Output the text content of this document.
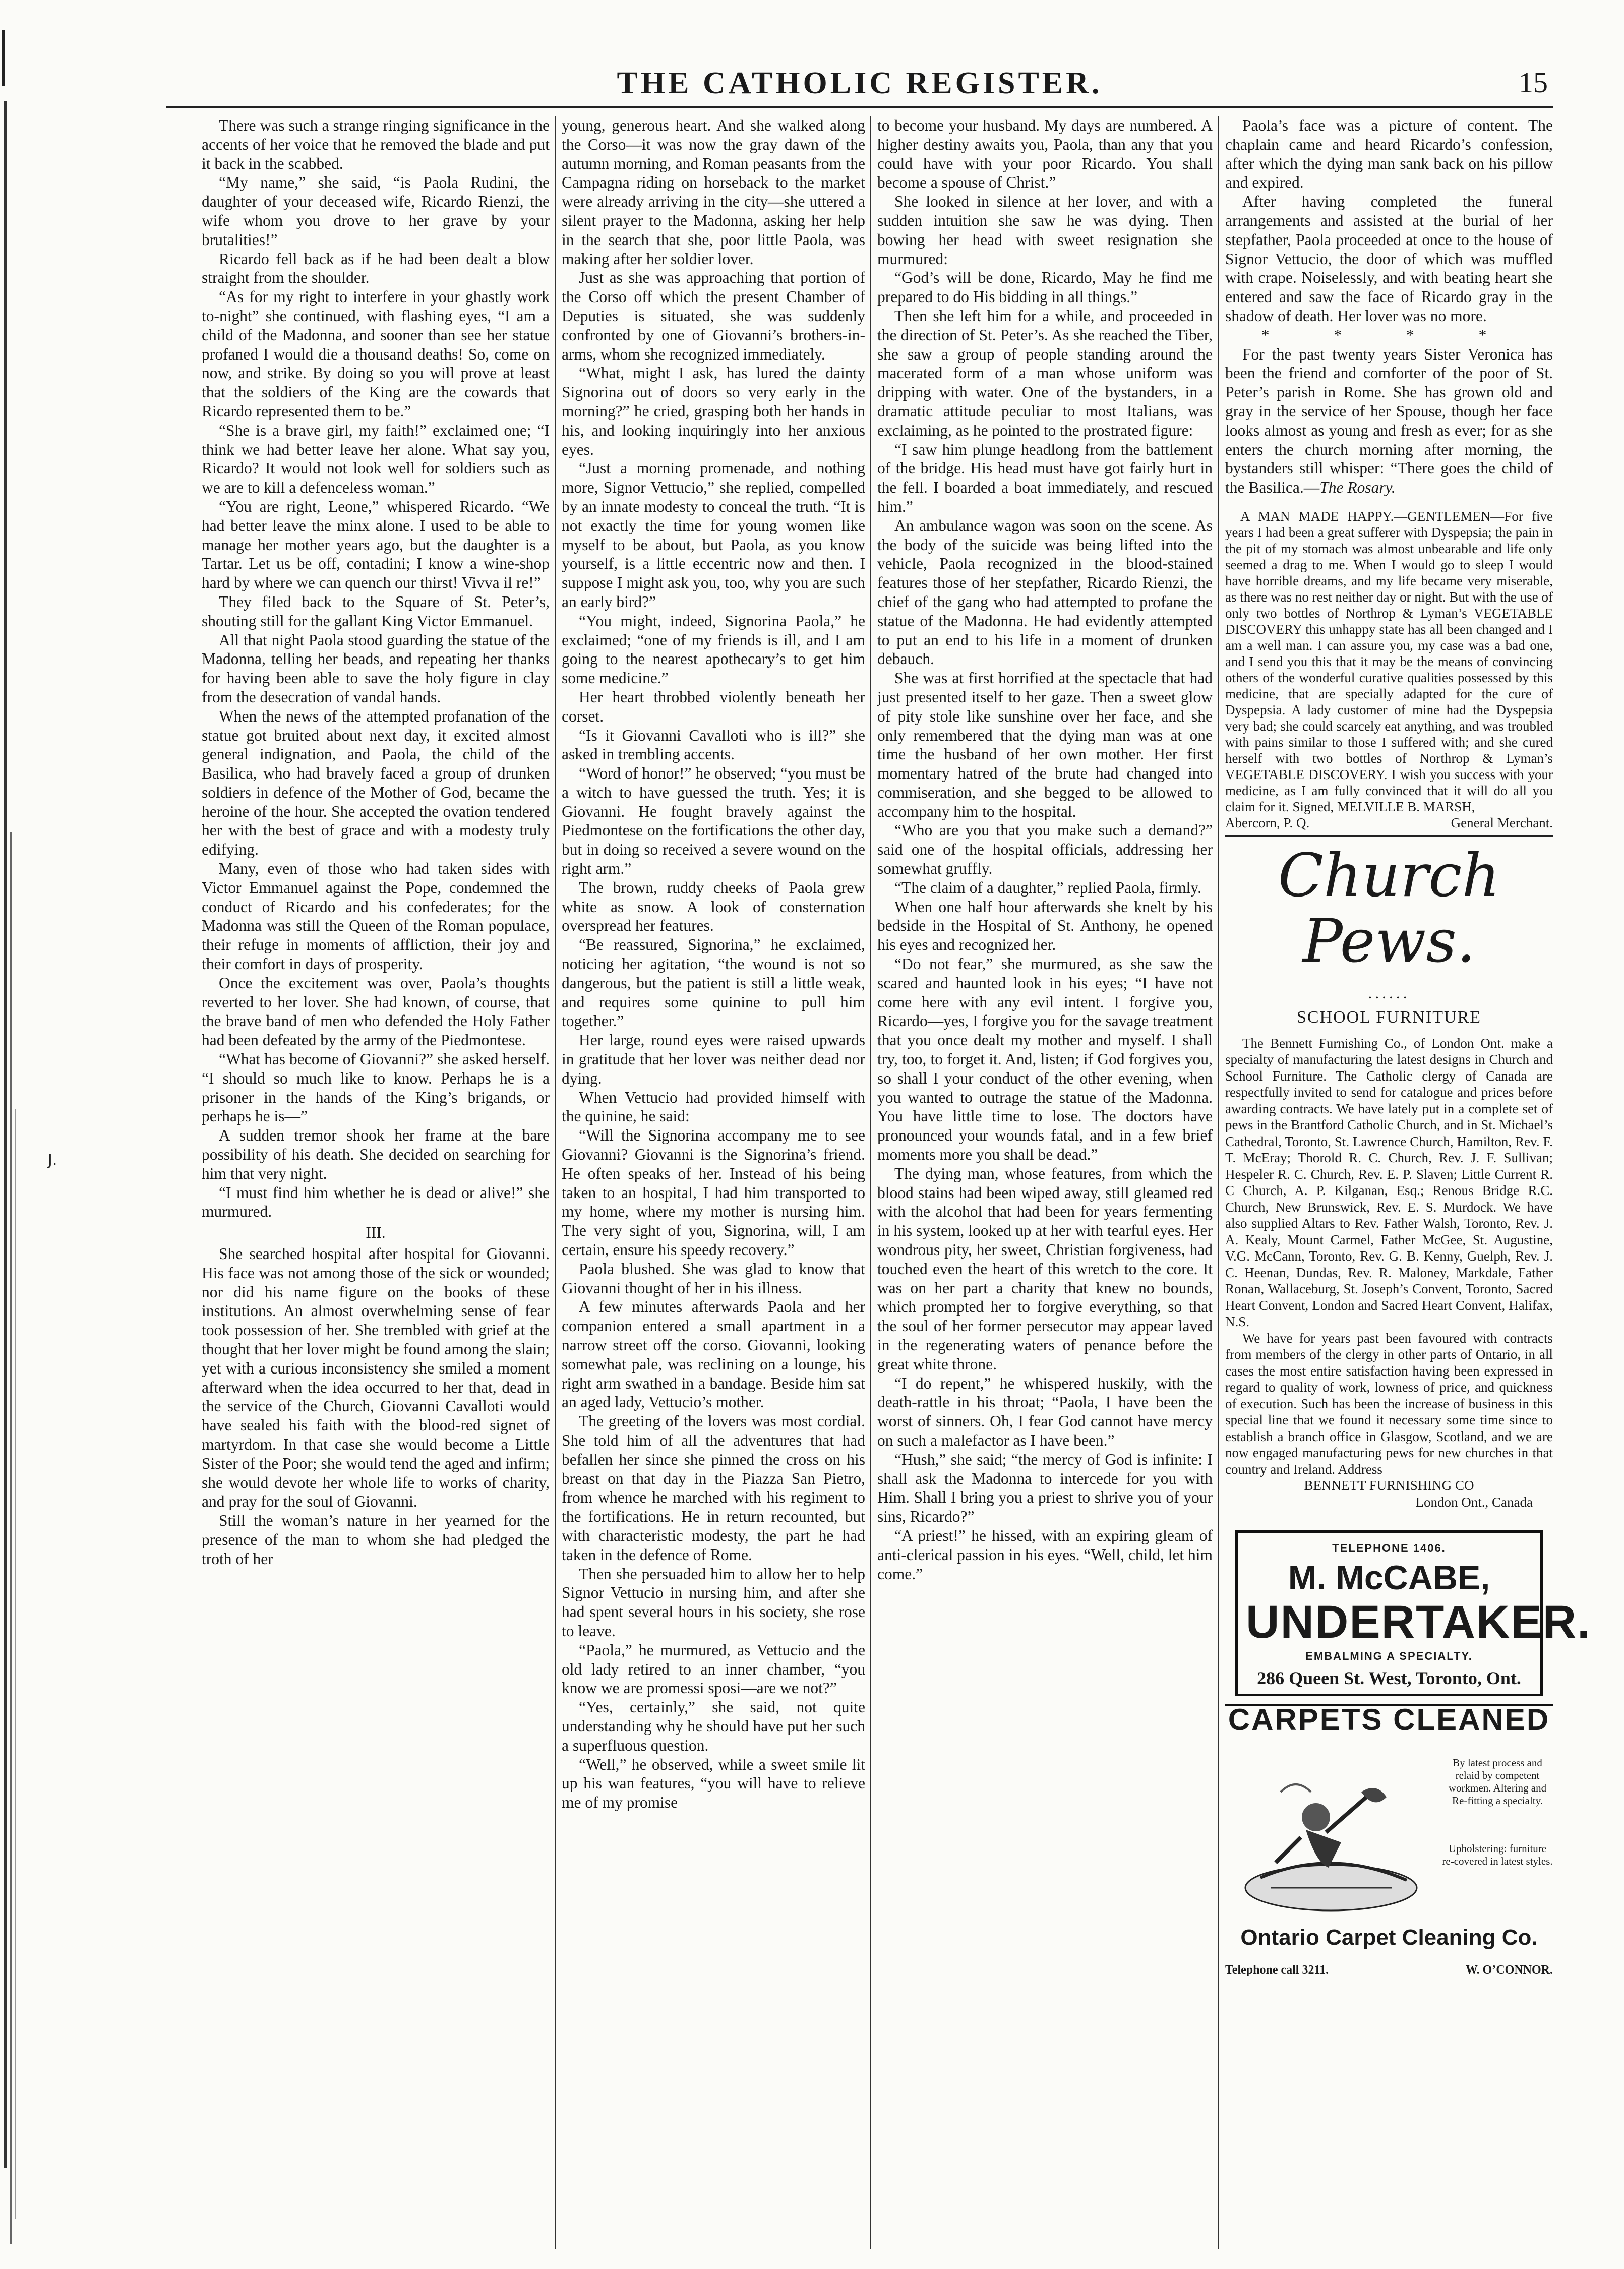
J.
THE CATHOLIC REGISTER.	15

There was such a strange ringing significance in the accents of her voice that he removed the blade and put it back in the scabbed.

“My name,” she said, “is Paola Rudini, the daughter of your deceased wife, Ricardo Rienzi, the wife whom you drove to her grave by your brutalities!”

Ricardo fell back as if he had been dealt a blow straight from the shoulder.

“As for my right to interfere in your ghastly work to-night” she continued, with flashing eyes, “I am a child of the Madonna, and sooner than see her statue profaned I would die a thousand deaths! So, come on now, and strike. By doing so you will prove at least that the soldiers of the King are the cowards that Ricardo represented them to be.”

“She is a brave girl, my faith!” exclaimed one; “I think we had better leave her alone. What say you, Ricardo? It would not look well for soldiers such as we are to kill a defenceless woman.”

“You are right, Leone,” whispered Ricardo. “We had better leave the minx alone. I used to be able to manage her mother years ago, but the daughter is a Tartar. Let us be off, contadini; I know a wine-shop hard by where we can quench our thirst! Vivva il re!”

They filed back to the Square of St. Peter’s, shouting still for the gallant King Victor Emmanuel.

All that night Paola stood guarding the statue of the Madonna, telling her beads, and repeating her thanks for having been able to save the holy figure in clay from the desecration of vandal hands.

When the news of the attempted profanation of the statue got bruited about next day, it excited almost general indignation, and Paola, the child of the Basilica, who had bravely faced a group of drunken soldiers in defence of the Mother of God, became the heroine of the hour. She accepted the ovation tendered her with the best of grace and with a modesty truly edifying.

Many, even of those who had taken sides with Victor Emmanuel against the Pope, condemned the conduct of Ricardo and his confederates; for the Madonna was still the Queen of the Roman populace, their refuge in moments of affliction, their joy and their comfort in days of prosperity.

Once the excitement was over, Paola’s thoughts reverted to her lover. She had known, of course, that the brave band of men who defended the Holy Father had been defeated by the army of the Piedmontese.

“What has become of Giovanni?” she asked herself. “I should so much like to know. Perhaps he is a prisoner in the hands of the King’s brigands, or perhaps he is—”

A sudden tremor shook her frame at the bare possibility of his death. She decided on searching for him that very night.

“I must find him whether he is dead or alive!” she murmured.

III.

She searched hospital after hospital for Giovanni. His face was not among those of the sick or wounded; nor did his name figure on the books of these institutions. An almost overwhelming sense of fear took possession of her. She trembled with grief at the thought that her lover might be found among the slain; yet with a curious inconsistency she smiled a moment afterward when the idea occurred to her that, dead in the service of the Church, Giovanni Cavalloti would have sealed his faith with the blood-red signet of martyrdom. In that case she would become a Little Sister of the Poor; she would tend the aged and infirm; she would devote her whole life to works of charity, and pray for the soul of Giovanni.

Still the woman’s nature in her yearned for the presence of the man to whom she had pledged the troth of her

young, generous heart. And she walked along the Corso—it was now the gray dawn of the autumn morning, and Roman peasants from the Campagna riding on horseback to the market were already arriving in the city—she uttered a silent prayer to the Madonna, asking her help in the search that she, poor little Paola, was making after her soldier lover.

Just as she was approaching that portion of the Corso off which the present Chamber of Deputies is situated, she was suddenly confronted by one of Giovanni’s brothers-in-arms, whom she recognized immediately.

“What, might I ask, has lured the dainty Signorina out of doors so very early in the morning?” he cried, grasping both her hands in his, and looking inquiringly into her anxious eyes.

“Just a morning promenade, and nothing more, Signor Vettucio,” she replied, compelled by an innate modesty to conceal the truth. “It is not exactly the time for young women like myself to be about, but Paola, as you know yourself, is a little eccentric now and then. I suppose I might ask you, too, why you are such an early bird?”

“You might, indeed, Signorina Paola,” he exclaimed; “one of my friends is ill, and I am going to the nearest apothecary’s to get him some medicine.”

Her heart throbbed violently beneath her corset.

“Is it Giovanni Cavalloti who is ill?” she asked in trembling accents.

“Word of honor!” he observed; “you must be a witch to have guessed the truth. Yes; it is Giovanni. He fought bravely against the Piedmontese on the fortifications the other day, but in doing so received a severe wound on the right arm.”

The brown, ruddy cheeks of Paola grew white as snow. A look of consternation overspread her features.

“Be reassured, Signorina,” he exclaimed, noticing her agitation, “the wound is not so dangerous, but the patient is still a little weak, and requires some quinine to pull him together.”

Her large, round eyes were raised upwards in gratitude that her lover was neither dead nor dying.

When Vettucio had provided himself with the quinine, he said:

“Will the Signorina accompany me to see Giovanni? Giovanni is the Signorina’s friend. He often speaks of her. Instead of his being taken to an hospital, I had him transported to my home, where my mother is nursing him. The very sight of you, Signorina, will, I am certain, ensure his speedy recovery.”

Paola blushed. She was glad to know that Giovanni thought of her in his illness.

A few minutes afterwards Paola and her companion entered a small apartment in a narrow street off the corso. Giovanni, looking somewhat pale, was reclining on a lounge, his right arm swathed in a bandage. Beside him sat an aged lady, Vettucio’s mother.

The greeting of the lovers was most cordial. She told him of all the adventures that had befallen her since she pinned the cross on his breast on that day in the Piazza San Pietro, from whence he marched with his regiment to the fortifications. He in return recounted, but with characteristic modesty, the part he had taken in the defence of Rome.

Then she persuaded him to allow her to help Signor Vettucio in nursing him, and after she had spent several hours in his society, she rose to leave.

“Paola,” he murmured, as Vettucio and the old lady retired to an inner chamber, “you know we are promessi sposi—are we not?”

“Yes, certainly,” she said, not quite understanding why he should have put her such a superfluous question.

“Well,” he observed, while a sweet smile lit up his wan features, “you will have to relieve me of my promise

to become your husband. My days are numbered. A higher destiny awaits you, Paola, than any that you could have with your poor Ricardo. You shall become a spouse of Christ.”

She looked in silence at her lover, and with a sudden intuition she saw he was dying. Then bowing her head with sweet resignation she murmured:

“God’s will be done, Ricardo, May he find me prepared to do His bidding in all things.”

Then she left him for a while, and proceeded in the direction of St. Peter’s. As she reached the Tiber, she saw a group of people standing around the macerated form of a man whose uniform was dripping with water. One of the bystanders, in a dramatic attitude peculiar to most Italians, was exclaiming, as he pointed to the prostrated figure:

“I saw him plunge headlong from the battlement of the bridge. His head must have got fairly hurt in the fell. I boarded a boat immediately, and rescued him.”

An ambulance wagon was soon on the scene. As the body of the suicide was being lifted into the vehicle, Paola recognized in the blood-stained features those of her stepfather, Ricardo Rienzi, the chief of the gang who had attempted to profane the statue of the Madonna. He had evidently attempted to put an end to his life in a moment of drunken debauch.

She was at first horrified at the spectacle that had just presented itself to her gaze. Then a sweet glow of pity stole like sunshine over her face, and she only remembered that the dying man was at one time the husband of her own mother. Her first momentary hatred of the brute had changed into commiseration, and she begged to be allowed to accompany him to the hospital.

“Who are you that you make such a demand?” said one of the hospital officials, addressing her somewhat gruffly.

“The claim of a daughter,” replied Paola, firmly.

When one half hour afterwards she knelt by his bedside in the Hospital of St. Anthony, he opened his eyes and recognized her.

“Do not fear,” she murmured, as she saw the scared and haunted look in his eyes; “I have not come here with any evil intent. I forgive you, Ricardo—yes, I forgive you for the savage treatment that you once dealt my mother and myself. I shall try, too, to forget it. And, listen; if God forgives you, so shall I your conduct of the other evening, when you wanted to outrage the statue of the Madonna. You have little time to lose. The doctors have pronounced your wounds fatal, and in a few brief moments more you shall be dead.”

The dying man, whose features, from which the blood stains had been wiped away, still gleamed red with the alcohol that had been for years fermenting in his system, looked up at her with tearful eyes. Her wondrous pity, her sweet, Christian forgiveness, had touched even the heart of this wretch to the core. It was on her part a charity that knew no bounds, which prompted her to forgive everything, so that the soul of her former persecutor may appear laved in the regenerating waters of penance before the great white throne.

“I do repent,” he whispered huskily, with the death-rattle in his throat; “Paola, I have been the worst of sinners. Oh, I fear God cannot have mercy on such a malefactor as I have been.”

“Hush,” she said; “the mercy of God is infinite: I shall ask the Madonna to intercede for you with Him. Shall I bring you a priest to shrive you of your sins, Ricardo?”

“A priest!” he hissed, with an expiring gleam of anti-clerical passion in his eyes. “Well, child, let him come.”

Paola’s face was a picture of content. The chaplain came and heard Ricardo’s confession, after which the dying man sank back on his pillow and expired.

After having completed the funeral arrangements and assisted at the burial of her stepfather, Paola proceeded at once to the house of Signor Vettucio, the door of which was muffled with crape. Noiselessly, and with beating heart she entered and saw the face of Ricardo gray in the shadow of death. Her lover was no more.

* * * *

For the past twenty years Sister Veronica has been the friend and comforter of the poor of St. Peter’s parish in Rome. She has grown old and gray in the service of her Spouse, though her face looks almost as young and fresh as ever; for as she enters the church morning after morning, the bystanders still whisper: “There goes the child of the Basilica.—The Rosary.

A MAN MADE HAPPY.—GENTLEMEN—For five years I had been a great sufferer with Dyspepsia; the pain in the pit of my stomach was almost unbearable and life only seemed a drag to me. When I would go to sleep I would have horrible dreams, and my life became very miserable, as there was no rest neither day or night. But with the use of only two bottles of Northrop & Lyman’s VEGETABLE DISCOVERY this unhappy state has all been changed and I am a well man. I can assure you, my case was a bad one, and I send you this that it may be the means of convincing others of the wonderful curative qualities possessed by this medicine, that are specially adapted for the cure of Dyspepsia. A lady customer of mine had the Dyspepsia very bad; she could scarcely eat anything, and was troubled with pains similar to those I suffered with; and she cured herself with two bottles of Northrop & Lyman’s VEGETABLE DISCOVERY. I wish you success with your medicine, as I am fully convinced that it will do all you claim for it. Signed, MELVILLE B. MARSH,

Abercorn, P. Q.	General Merchant.

Church Pews.
......
SCHOOL FURNITURE

The Bennett Furnishing Co., of London Ont. make a specialty of manufacturing the latest designs in Church and School Furniture. The Catholic clergy of Canada are respectfully invited to send for catalogue and prices before awarding contracts. We have lately put in a complete set of pews in the Brantford Catholic Church, and in St. Michael’s Cathedral, Toronto, St. Lawrence Church, Hamilton, Rev. F. T. McEray; Thorold R. C. Church, Rev. J. F. Sullivan; Hespeler R. C. Church, Rev. E. P. Slaven; Little Current R. C Church, A. P. Kilganan, Esq.; Renous Bridge R.C. Church, New Brunswick, Rev. E. S. Murdock. We have also supplied Altars to Rev. Father Walsh, Toronto, Rev. J. A. Kealy, Mount Carmel, Father McGee, St. Augustine, V.G. McCann, Toronto, Rev. G. B. Kenny, Guelph, Rev. J. C. Heenan, Dundas, Rev. R. Maloney, Markdale, Father Ronan, Wallaceburg, St. Joseph’s Convent, Toronto, Sacred Heart Convent, London and Sacred Heart Convent, Halifax, N.S.

We have for years past been favoured with contracts from members of the clergy in other parts of Ontario, in all cases the most entire satisfaction having been expressed in regard to quality of work, lowness of price, and quickness of execution. Such has been the increase of business in this special line that we found it necessary some time since to establish a branch office in Glasgow, Scotland, and we are now engaged manufacturing pews for new churches in that country and Ireland. Address

BENNETT FURNISHING CO

London Ont., Canada

TELEPHONE 1406.
M. McCABE,
UNDERTAKER.
EMBALMING A SPECIALTY.
286 Queen St. West, Toronto, Ont.
CARPETS CLEANED
By latest process and relaid by competent workmen. Altering and Re-fitting a specialty.
Upholstering: furniture re-covered in latest styles.
Ontario Carpet Cleaning Co.
Telephone call 3211.	W. O’CONNOR.
